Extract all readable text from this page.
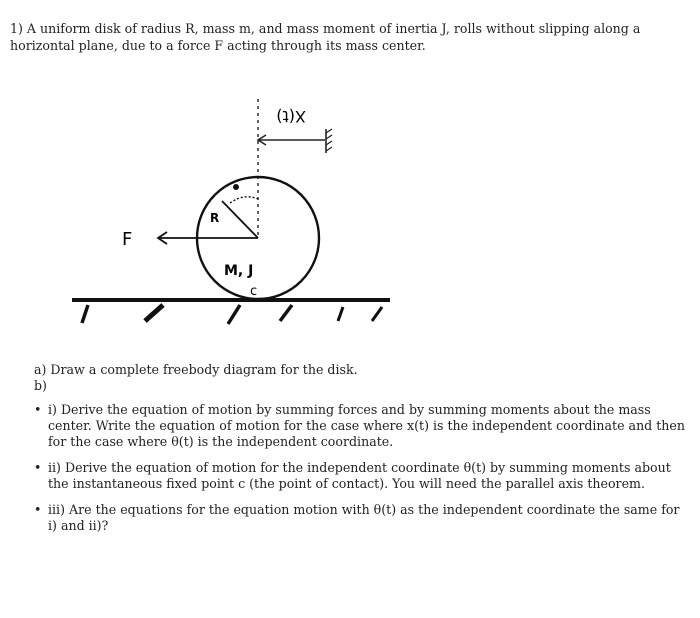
1) A uniform disk of radius R, mass m, and mass moment of inertia J, rolls without slipping along a horizontal plane, due to a force F acting through its mass center.

X(t)
R
F
M, J
c

a) Draw a complete freebody diagram for the disk.

b)

• i) Derive the equation of motion by summing forces and by summing moments about the mass center. Write the equation of motion for the case where x(t) is the independent coordinate and then for the case where θ(t) is the independent coordinate.
• ii) Derive the equation of motion for the independent coordinate θ(t) by summing moments about the instantaneous fixed point c (the point of contact). You will need the parallel axis theorem.
• iii) Are the equations for the equation motion with θ(t) as the independent coordinate the same for i) and ii)?
